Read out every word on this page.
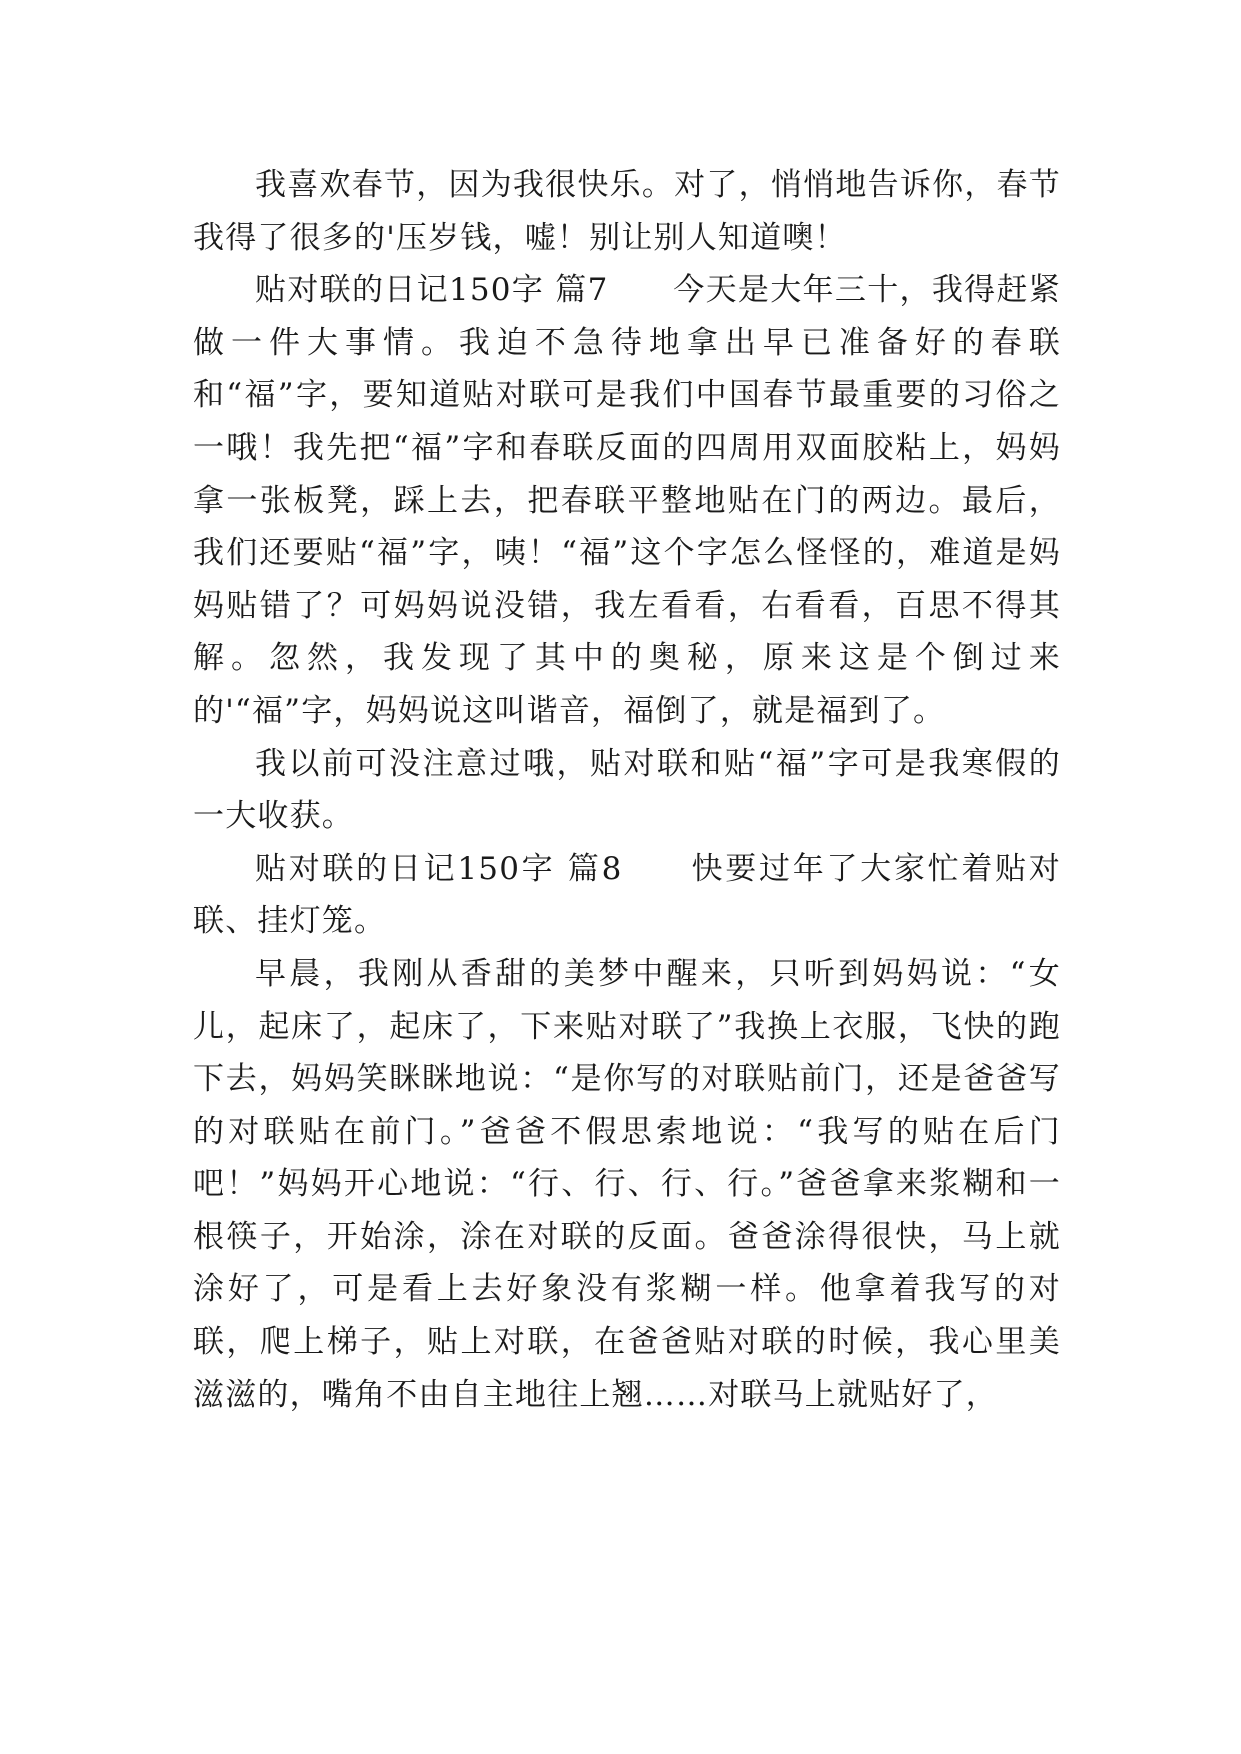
我喜欢春节，因为我很快乐。对了，悄悄地告诉你，春节我得了很多的'压岁钱，嘘！别让别人知道噢！

贴对联的日记150字 篇7　　今天是大年三十，我得赶紧做一件大事情。我迫不急待地拿出早已准备好的春联和“福”字，要知道贴对联可是我们中国春节最重要的习俗之一哦！我先把“福”字和春联反面的四周用双面胶粘上，妈妈拿一张板凳，踩上去，把春联平整地贴在门的两边。最后，我们还要贴“福”字，咦！“福”这个字怎么怪怪的，难道是妈妈贴错了？可妈妈说没错，我左看看，右看看，百思不得其解。忽然，我发现了其中的奥秘，原来这是个倒过来的'“福”字，妈妈说这叫谐音，福倒了，就是福到了。

我以前可没注意过哦，贴对联和贴“福”字可是我寒假的一大收获。

贴对联的日记150字 篇8　　快要过年了大家忙着贴对联、挂灯笼。

早晨，我刚从香甜的美梦中醒来，只听到妈妈说：“女儿，起床了，起床了，下来贴对联了”我换上衣服，飞快的跑下去，妈妈笑眯眯地说：“是你写的对联贴前门，还是爸爸写的对联贴在前门。”爸爸不假思索地说：“我写的贴在后门吧！”妈妈开心地说：“行、行、行、行。”爸爸拿来浆糊和一根筷子，开始涂，涂在对联的反面。爸爸涂得很快，马上就涂好了，可是看上去好象没有浆糊一样。他拿着我写的对联，爬上梯子，贴上对联，在爸爸贴对联的时候，我心里美滋滋的，嘴角不由自主地往上翘……对联马上就贴好了，
